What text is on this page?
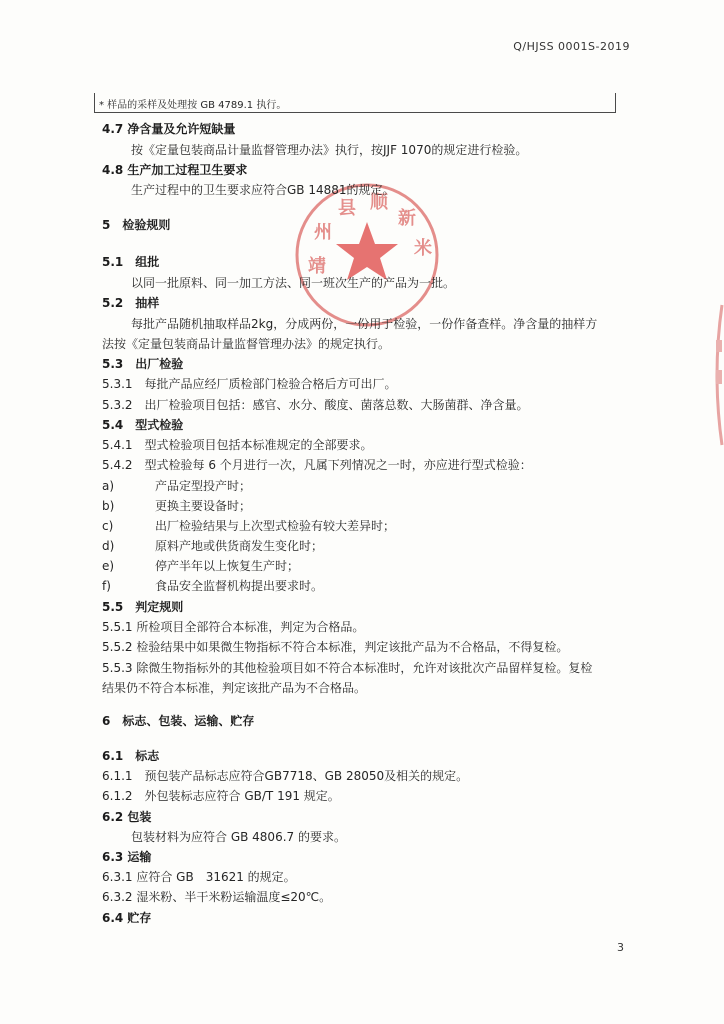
Q/HJSS 0001S-2019
* 样品的采样及处理按 GB 4789.1 执行。
靖
州
县 顺
新
米
4.7 净含量及允许短缺量
按《定量包装商品计量监督管理办法》执行，按JJF 1070的规定进行检验。
4.8 生产加工过程卫生要求
生产过程中的卫生要求应符合GB 14881的规定。
5　检验规则
5.1　组批
以同一批原料、同一加工方法、同一班次生产的产品为一批。
5.2　抽样
每批产品随机抽取样品2kg，分成两份，一份用于检验，一份作备查样。净含量的抽样方
法按《定量包装商品计量监督管理办法》的规定执行。
5.3　出厂检验
5.3.1　每批产品应经厂质检部门检验合格后方可出厂。
5.3.2　出厂检验项目包括：感官、水分、酸度、菌落总数、大肠菌群、净含量。
5.4　型式检验
5.4.1　型式检验项目包括本标准规定的全部要求。
5.4.2　型式检验每 6 个月进行一次，凡属下列情况之一时，亦应进行型式检验：
a)	产品定型投产时；
b)	更换主要设备时；
c)	出厂检验结果与上次型式检验有较大差异时；
d)	原料产地或供货商发生变化时；
e)	停产半年以上恢复生产时；
f)	食品安全监督机构提出要求时。
5.5　判定规则
5.5.1 所检项目全部符合本标准，判定为合格品。
5.5.2 检验结果中如果微生物指标不符合本标准，判定该批产品为不合格品，不得复检。
5.5.3 除微生物指标外的其他检验项目如不符合本标准时，允许对该批次产品留样复检。复检
结果仍不符合本标准，判定该批产品为不合格品。
6　标志、包装、运输、贮存
6.1　标志
6.1.1　预包装产品标志应符合GB7718、GB 28050及相关的规定。
6.1.2　外包装标志应符合 GB/T 191 规定。
6.2 包装
包装材料为应符合 GB 4806.7 的要求。
6.3 运输
6.3.1 应符合 GB　31621 的规定。
6.3.2 湿米粉、半干米粉运输温度≤20℃。
6.4 贮存
3
